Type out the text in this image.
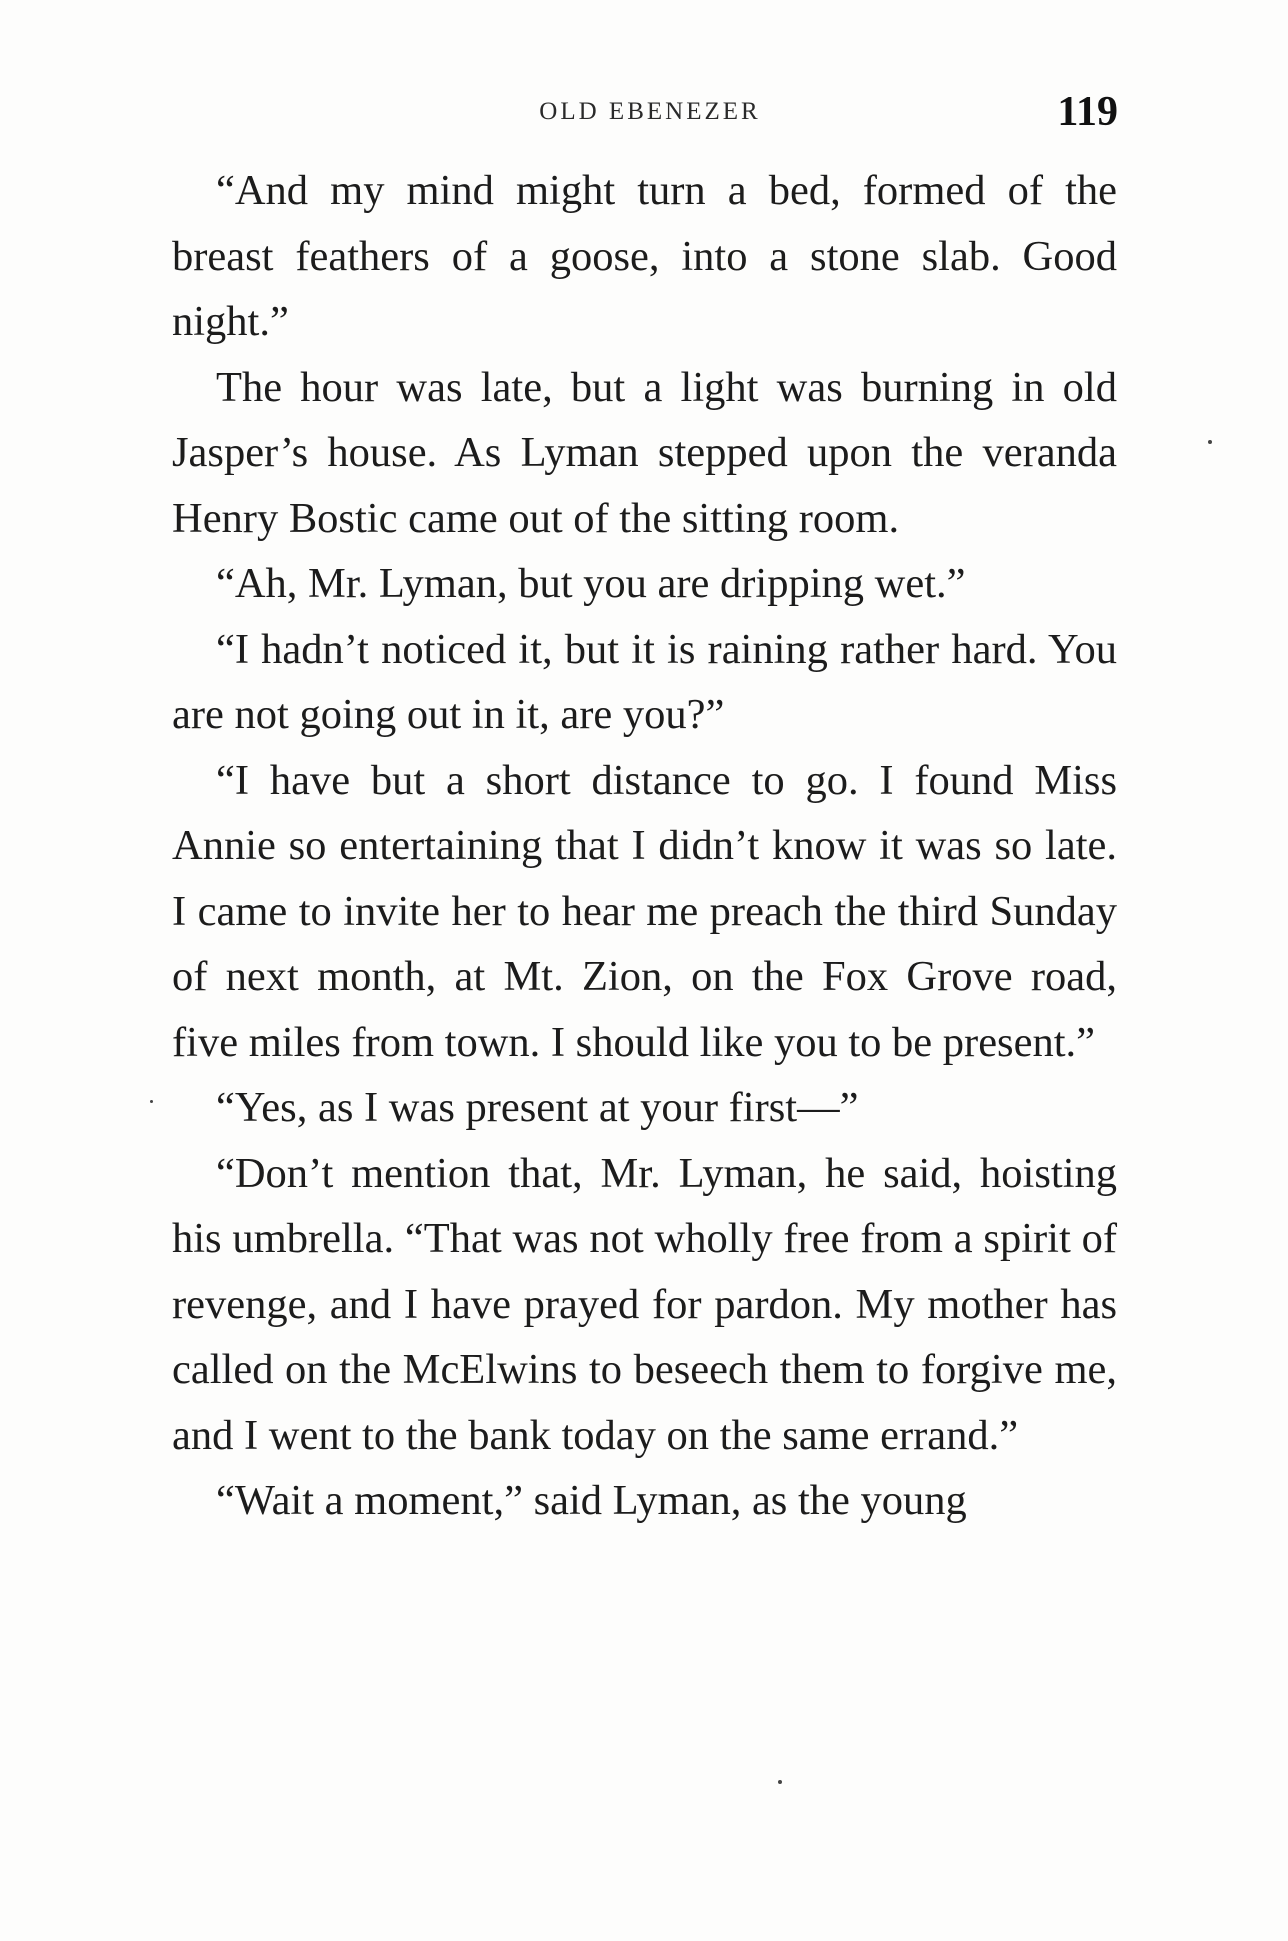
OLD EBENEZER	119

“And my mind might turn a bed, formed of the breast feathers of a goose, into a stone slab. Good night.”

The hour was late, but a light was burning in old Jasper’s house. As Lyman stepped upon the veranda Henry Bostic came out of the sitting room.

“Ah, Mr. Lyman, but you are dripping wet.”

“I hadn’t noticed it, but it is raining rather hard. You are not going out in it, are you?”

“I have but a short distance to go. I found Miss Annie so entertaining that I didn’t know it was so late. I came to invite her to hear me preach the third Sunday of next month, at Mt. Zion, on the Fox Grove road, five miles from town. I should like you to be present.”

“Yes, as I was present at your first—”

“Don’t mention that, Mr. Lyman, he said, hoisting his umbrella. “That was not wholly free from a spirit of revenge, and I have prayed for pardon. My mother has called on the McElwins to beseech them to forgive me, and I went to the bank today on the same errand.”

“Wait a moment,” said Lyman, as the young
